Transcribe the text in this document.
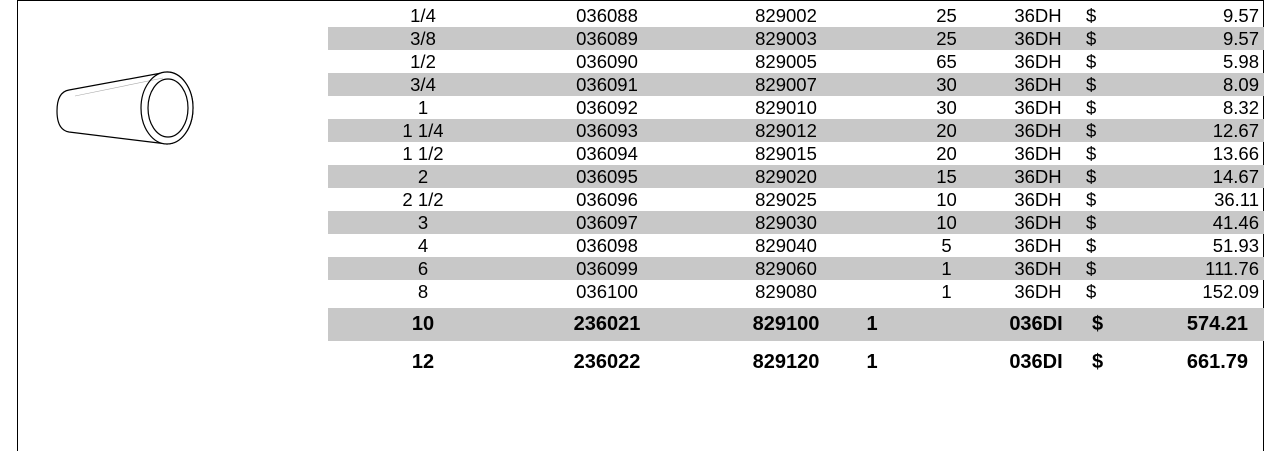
1/4	036088	829002	25	36DH	$	9.57
3/8	036089	829003	25	36DH	$	9.57
1/2	036090	829005	65	36DH	$	5.98
3/4	036091	829007	30	36DH	$	8.09
1	036092	829010	30	36DH	$	8.32
1 1/4	036093	829012	20	36DH	$	12.67
1 1/2	036094	829015	20	36DH	$	13.66
2	036095	829020	15	36DH	$	14.67
2 1/2	036096	829025	10	36DH	$	36.11
3	036097	829030	10	36DH	$	41.46
4	036098	829040	5	36DH	$	51.93
6	036099	829060	1	36DH	$	111.76
8	036100	829080	1	36DH	$	152.09
10	236021	829100	1	036DI	$	574.21
12	236022	829120	1	036DI	$	661.79
